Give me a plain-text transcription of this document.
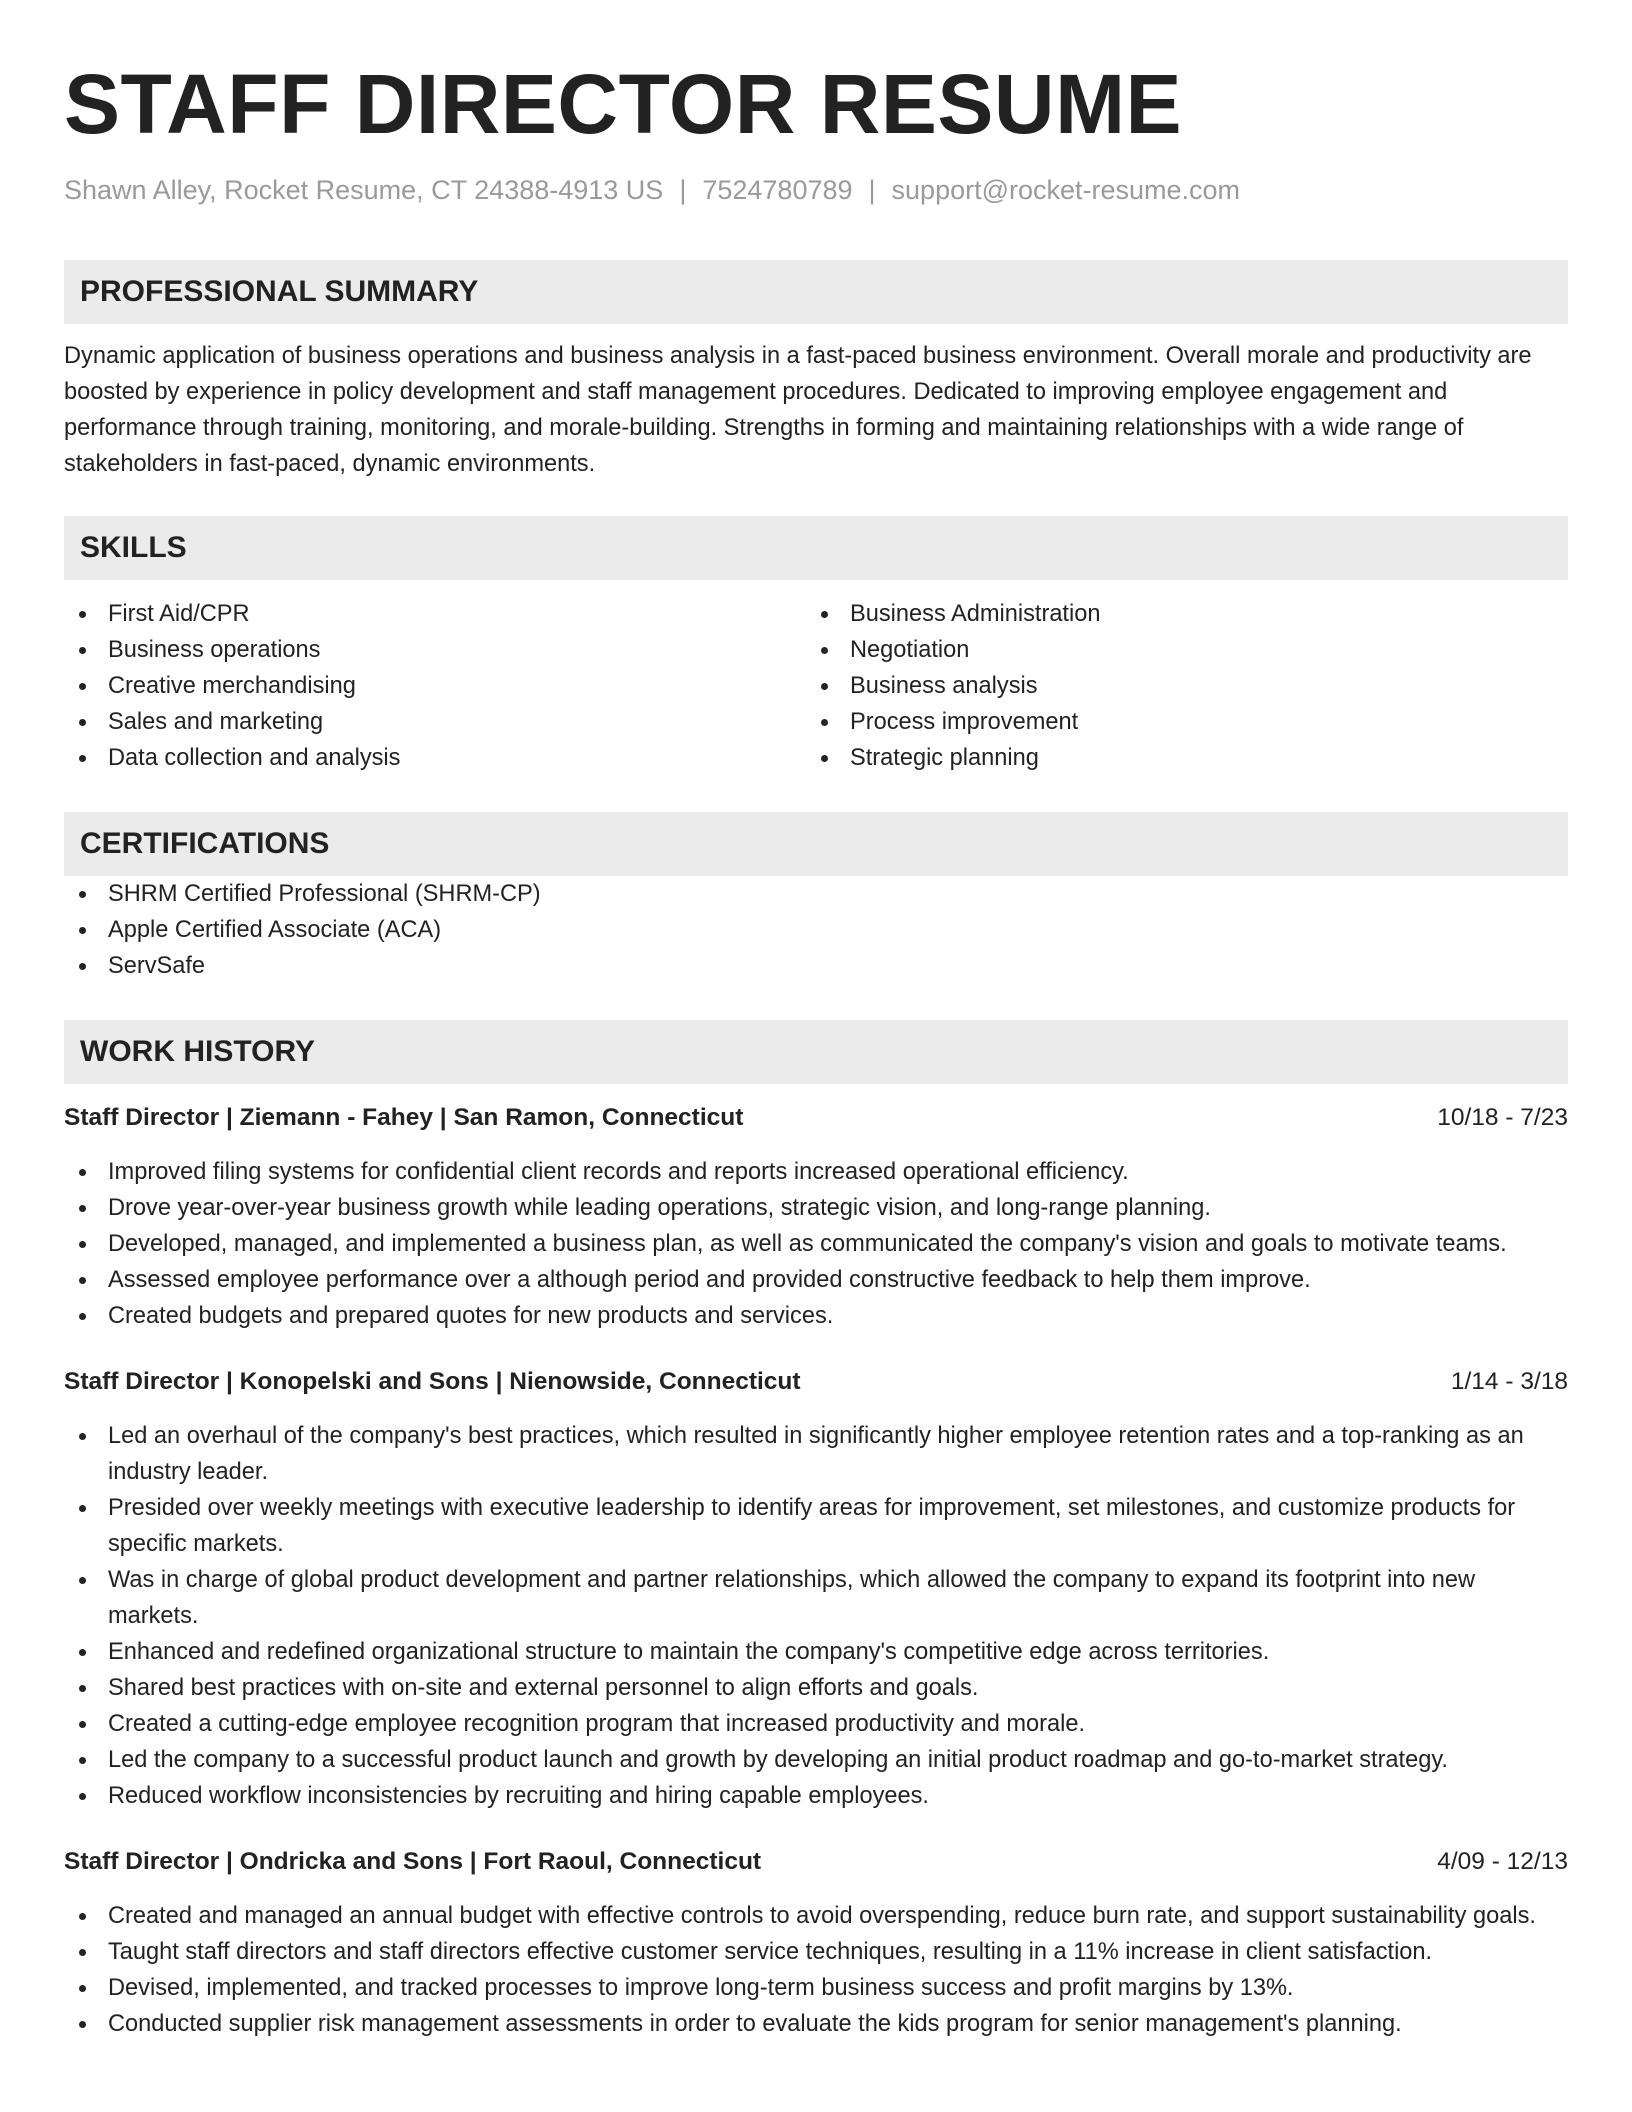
STAFF DIRECTOR RESUME
Shawn Alley, Rocket Resume, CT 24388-4913 US | 7524780789 | support@rocket-resume.com
PROFESSIONAL SUMMARY
Dynamic application of business operations and business analysis in a fast-paced business environment. Overall morale and productivity are boosted by experience in policy development and staff management procedures. Dedicated to improving employee engagement and performance through training, monitoring, and morale-building. Strengths in forming and maintaining relationships with a wide range of stakeholders in fast-paced, dynamic environments.
SKILLS
First Aid/CPR
Business operations
Creative merchandising
Sales and marketing
Data collection and analysis
Business Administration
Negotiation
Business analysis
Process improvement
Strategic planning
CERTIFICATIONS
SHRM Certified Professional (SHRM-CP)
Apple Certified Associate (ACA)
ServSafe
WORK HISTORY
Staff Director | Ziemann - Fahey | San Ramon, Connecticut	10/18 - 7/23
Improved filing systems for confidential client records and reports increased operational efficiency.
Drove year-over-year business growth while leading operations, strategic vision, and long-range planning.
Developed, managed, and implemented a business plan, as well as communicated the company's vision and goals to motivate teams.
Assessed employee performance over a although period and provided constructive feedback to help them improve.
Created budgets and prepared quotes for new products and services.
Staff Director | Konopelski and Sons | Nienowside, Connecticut	1/14 - 3/18
Led an overhaul of the company's best practices, which resulted in significantly higher employee retention rates and a top-ranking as an industry leader.
Presided over weekly meetings with executive leadership to identify areas for improvement, set milestones, and customize products for specific markets.
Was in charge of global product development and partner relationships, which allowed the company to expand its footprint into new markets.
Enhanced and redefined organizational structure to maintain the company's competitive edge across territories.
Shared best practices with on-site and external personnel to align efforts and goals.
Created a cutting-edge employee recognition program that increased productivity and morale.
Led the company to a successful product launch and growth by developing an initial product roadmap and go-to-market strategy.
Reduced workflow inconsistencies by recruiting and hiring capable employees.
Staff Director | Ondricka and Sons | Fort Raoul, Connecticut	4/09 - 12/13
Created and managed an annual budget with effective controls to avoid overspending, reduce burn rate, and support sustainability goals.
Taught staff directors and staff directors effective customer service techniques, resulting in a 11% increase in client satisfaction.
Devised, implemented, and tracked processes to improve long-term business success and profit margins by 13%.
Conducted supplier risk management assessments in order to evaluate the kids program for senior management's planning.
